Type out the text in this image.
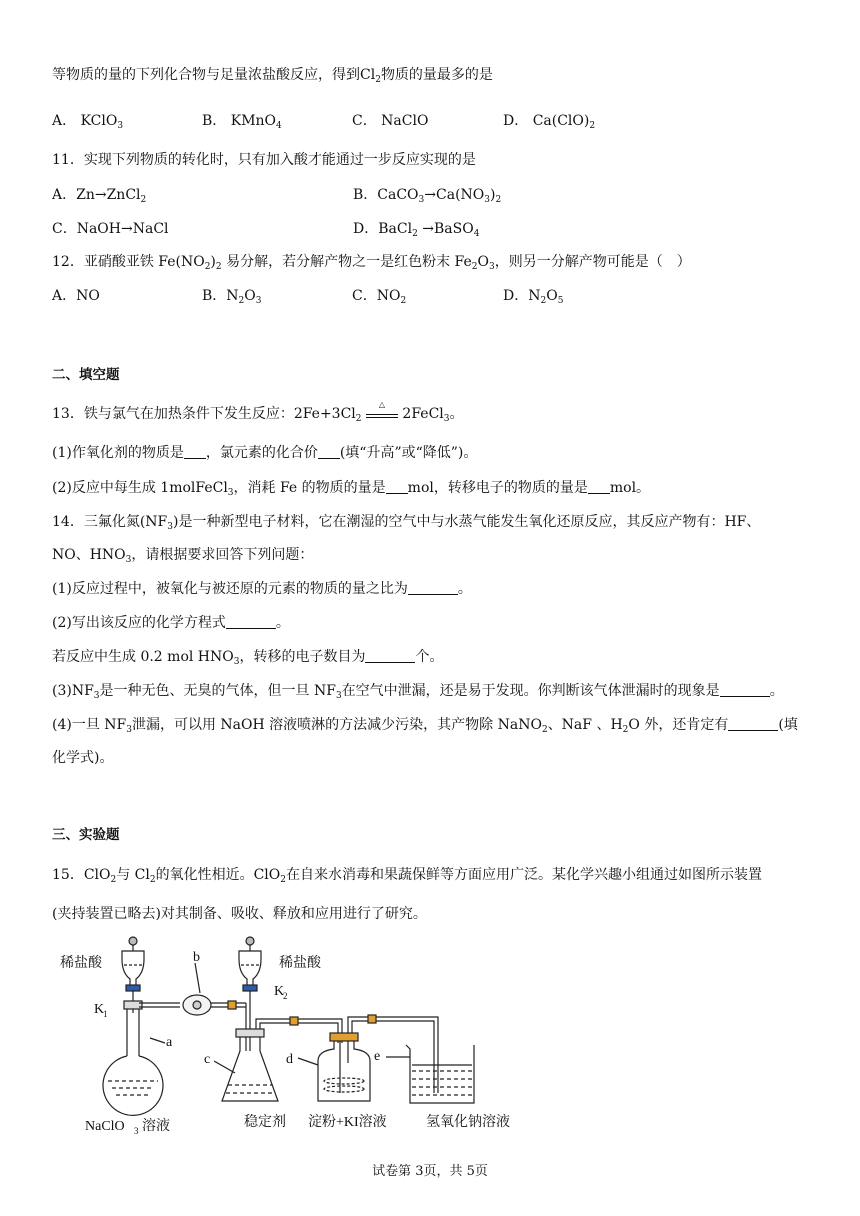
等物质的量的下列化合物与足量浓盐酸反应，得到$Cl_2$物质的量最多的是
A． KClO$_3$	B． KMnO$_4$	C． NaClO	D． $Ca(ClO)_2$
11．实现下列物质的转化时，只有加入酸才能通过一步反应实现的是
A．Zn→ZnCl$_2$	B．$CaCO_3\to Ca(NO_3)_2$
C．NaOH→NaCl	D．BaCl$_2$ →BaSO$_4$
12．亚硝酸亚铁 $Fe(NO_2)_2$ 易分解，若分解产物之一是红色粉末 $Fe_2O_3$，则另一分解产物可能是（　）
A．NO	B．$N_2O_3$	C．$NO_2$	D．$N_2O_5$
二、填空题
13．铁与氯气在加热条件下发生反应：$2Fe+3Cl_2$
△
2FeCl$_3$。
(1)作氧化剂的物质是 ，氯元素的化合价 (填“升高”或“降低”)。
(2)反应中每生成 1molFeCl$_3$，消耗 Fe 的物质的量是 mol，转移电子的物质的量是 mol。
14．三氟化氮$(NF_3)$是一种新型电子材料，它在潮湿的空气中与水蒸气能发生氧化还原反应，其反应产物有：HF、
NO、$HNO_3$，请根据要求回答下列问题：
(1)反应过程中，被氧化与被还原的元素的物质的量之比为	。
(2)写出该反应的化学方程式	。
若反应中生成 0.2 mol $HNO_3$，转移的电子数目为	个。
$(3)NF_3$是一种无色、无臭的气体，但一旦 $NF_3$在空气中泄漏，还是易于发现。你判断该气体泄漏时的现象是	。
(4)一旦 $NF_3$泄漏，可以用 NaOH 溶液喷淋的方法减少污染，其产物除 NaNO$_2$、NaF 、$H_2O$ 外，还肯定有	(填
化学式)。
三、实验题
15．ClO$_2$与 $Cl_2$的氧化性相近。ClO$_2$在自来水消毒和果蔬保鲜等方面应用广泛。某化学兴趣小组通过如图所示装置
(夹持装置已略去)对其制备、吸收、释放和应用进行了研究。
稀盐酸	稀盐酸
b
K
1
K
2
a
c	d	e
NaClO 3 溶液	稳定剂 淀粉+KI溶液	氢氧化钠溶液
试卷第 3页，共 5页
